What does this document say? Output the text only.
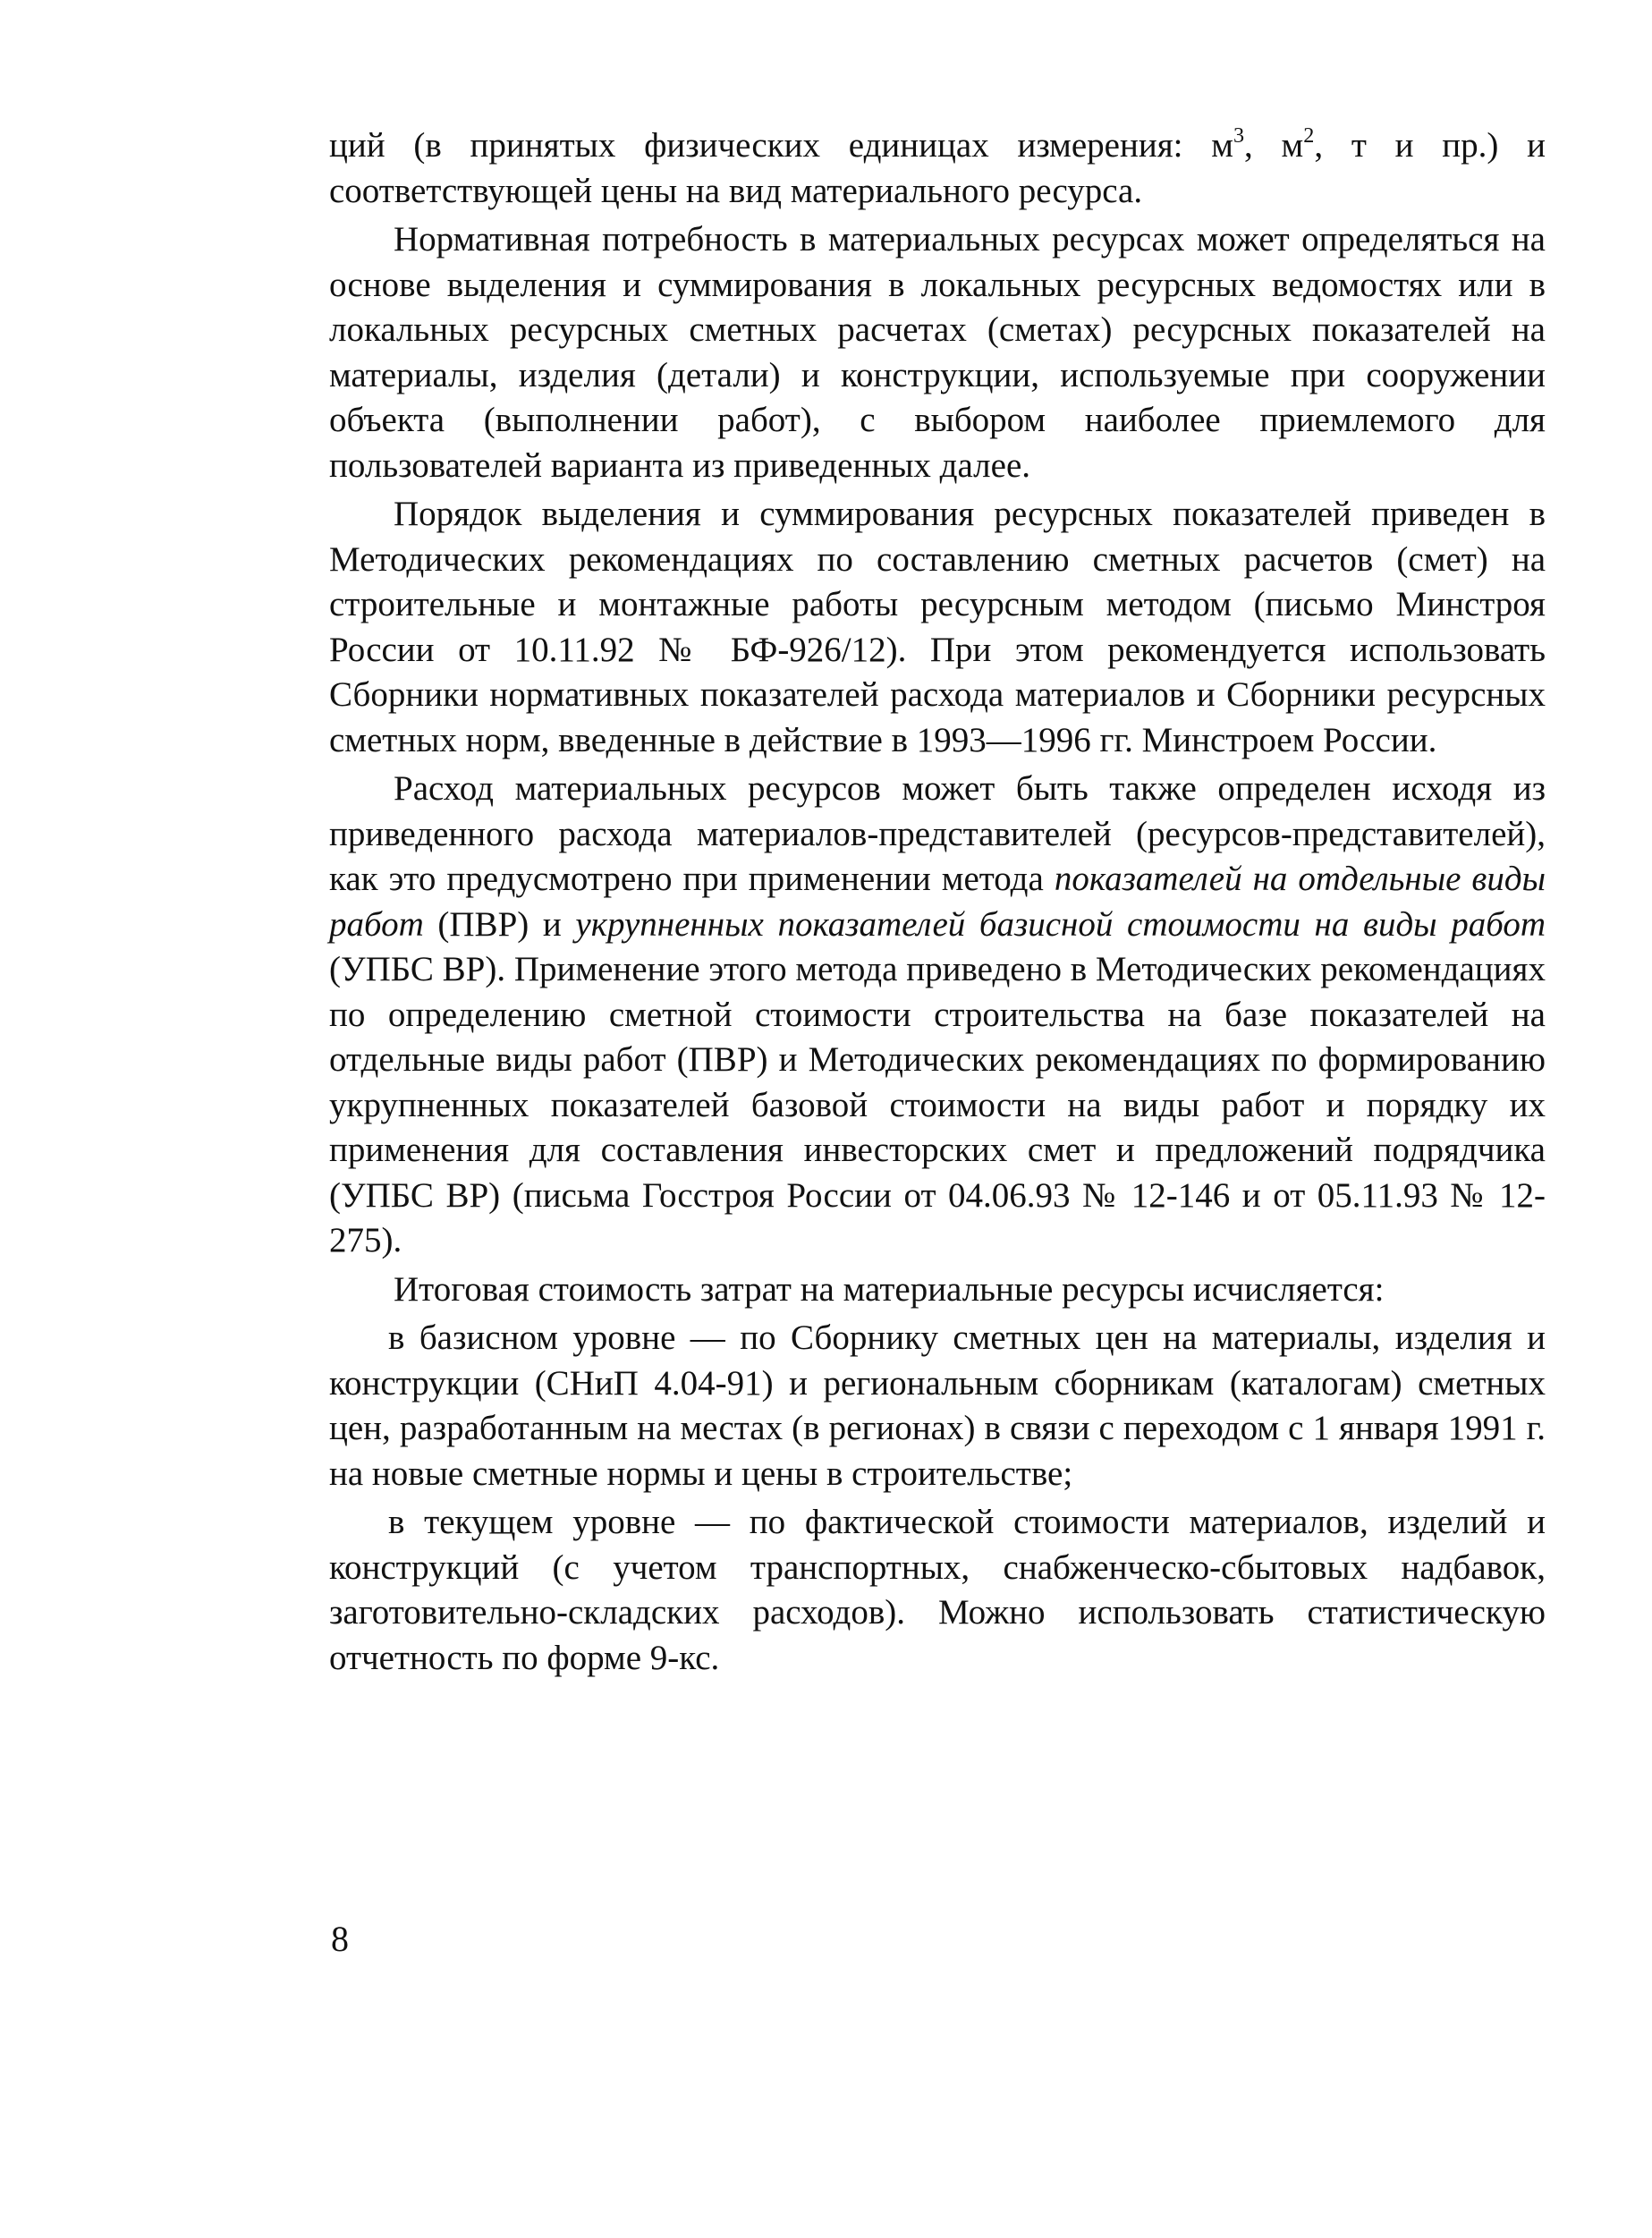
ций (в принятых физических единицах измерения: $м^3$, $м^2$, т и пр.) и соответствующей цены на вид материального ресурса.

Нормативная потребность в материальных ресурсах может определяться на основе выделения и суммирования в локальных ресурсных ведомостях или в локальных ресурсных сметных расчетах (сметах) ресурсных показателей на материалы, изделия (детали) и конструкции, используемые при сооружении объекта (выполнении работ), с выбором наиболее приемлемого для пользователей варианта из приведенных далее.

Порядок выделения и суммирования ресурсных показателей приведен в Методических рекомендациях по составлению сметных расчетов (смет) на строительные и монтажные работы ресурсным методом (письмо Минстроя России от 10.11.92 № БФ-926/12). При этом рекомендуется использовать Сборники нормативных показателей расхода материалов и Сборники ресурсных сметных норм, введенные в действие в 1993—1996 гг. Минстроем России.

Расход материальных ресурсов может быть также определен исходя из приведенного расхода материалов-представителей (ресурсов-представителей), как это предусмотрено при применении метода показателей на отдельные виды работ (ПВР) и укрупненных показателей базисной стоимости на виды работ (УПБС ВР). Применение этого метода приведено в Методических рекомендациях по определению сметной стоимости строительства на базе показателей на отдельные виды работ (ПВР) и Методических рекомендациях по формированию укрупненных показателей базовой стоимости на виды работ и порядку их применения для составления инвесторских смет и предложений подрядчика (УПБС ВР) (письма Госстроя России от 04.06.93 № 12-146 и от 05.11.93 № 12-275).

Итоговая стоимость затрат на материальные ресурсы исчисляется:

в базисном уровне — по Сборнику сметных цен на материалы, изделия и конструкции (СНиП 4.04-91) и региональным сборникам (каталогам) сметных цен, разработанным на местах (в регионах) в связи с переходом с 1 января 1991 г. на новые сметные нормы и цены в строительстве;

в текущем уровне — по фактической стоимости материалов, изделий и конструкций (с учетом транспортных, снабженческо-сбытовых надбавок, заготовительно-складских расходов). Можно использовать статистическую отчетность по форме 9-кс.

8
